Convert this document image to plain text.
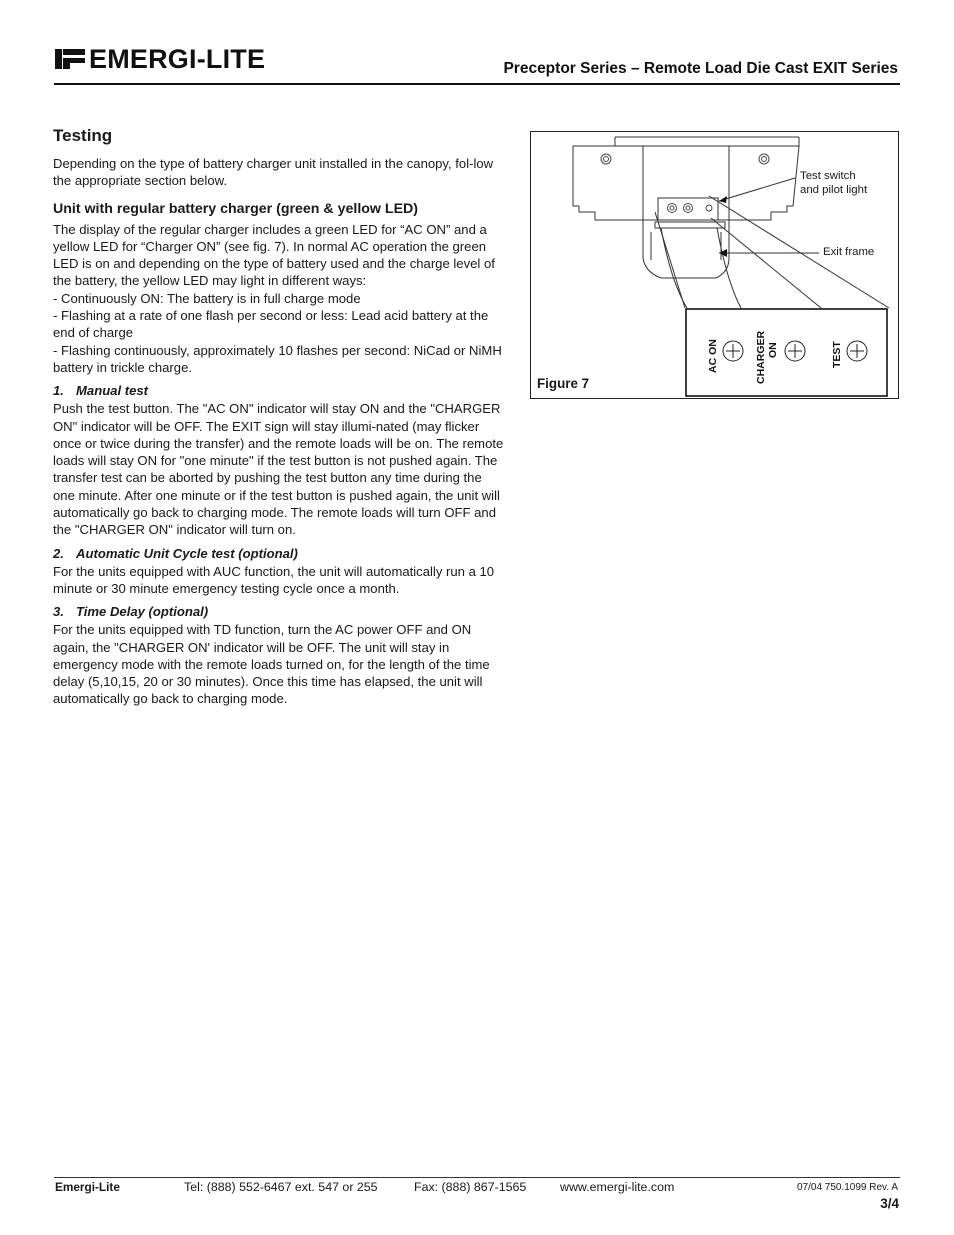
EMERGI-LITE	Preceptor Series – Remote Load Die Cast EXIT Series
Testing

Depending on the type of battery charger unit installed in the canopy, fol-low the appropriate section below.

Unit with regular battery charger (green & yellow LED)

The display of the regular charger includes a green LED for “AC ON” and a yellow LED for “Charger ON” (see fig. 7). In normal AC operation the green LED is on and depending on the type of battery used and the charge level of the battery, the yellow LED may light in different ways:

- Continuously ON: The battery is in full charge mode

- Flashing at a rate of one flash per second or less: Lead acid battery at the end of charge

- Flashing continuously, approximately 10 flashes per second: NiCad or NiMH battery in trickle charge.

1. Manual test

Push the test button. The "AC ON" indicator will stay ON and the "CHARGER ON" indicator will be OFF. The EXIT sign will stay illumi-nated (may flicker once or twice during the transfer) and the remote loads will be on. The remote loads will stay ON for "one minute" if the test button is not pushed again. The transfer test can be aborted by pushing the test button any time during the one minute. After one minute or if the test button is pushed again, the unit will automatically go back to charging mode. The remote loads will turn OFF and the "CHARGER ON" indicator will turn on.

2. Automatic Unit Cycle test (optional)

For the units equipped with AUC function, the unit will automatically run a 10 minute or 30 minute emergency testing cycle once a month.

3. Time Delay (optional)

For the units equipped with TD function, turn the AC power OFF and ON again, the "CHARGER ON' indicator will be OFF. The unit will stay in emergency mode with the remote loads turned on, for the length of the time delay (5,10,15, 20 or 30 minutes). Once this time has elapsed, the unit will automatically go back to charging mode.

AC ON	CHARGER ON	TEST
Test switch
and pilot light
Exit frame
Figure 7
Emergi-Lite	Tel: (888) 552-6467 ext. 547 or 255	Fax: (888) 867-1565	www.emergi-lite.com	07/04 750.1099 Rev. A
3/4
